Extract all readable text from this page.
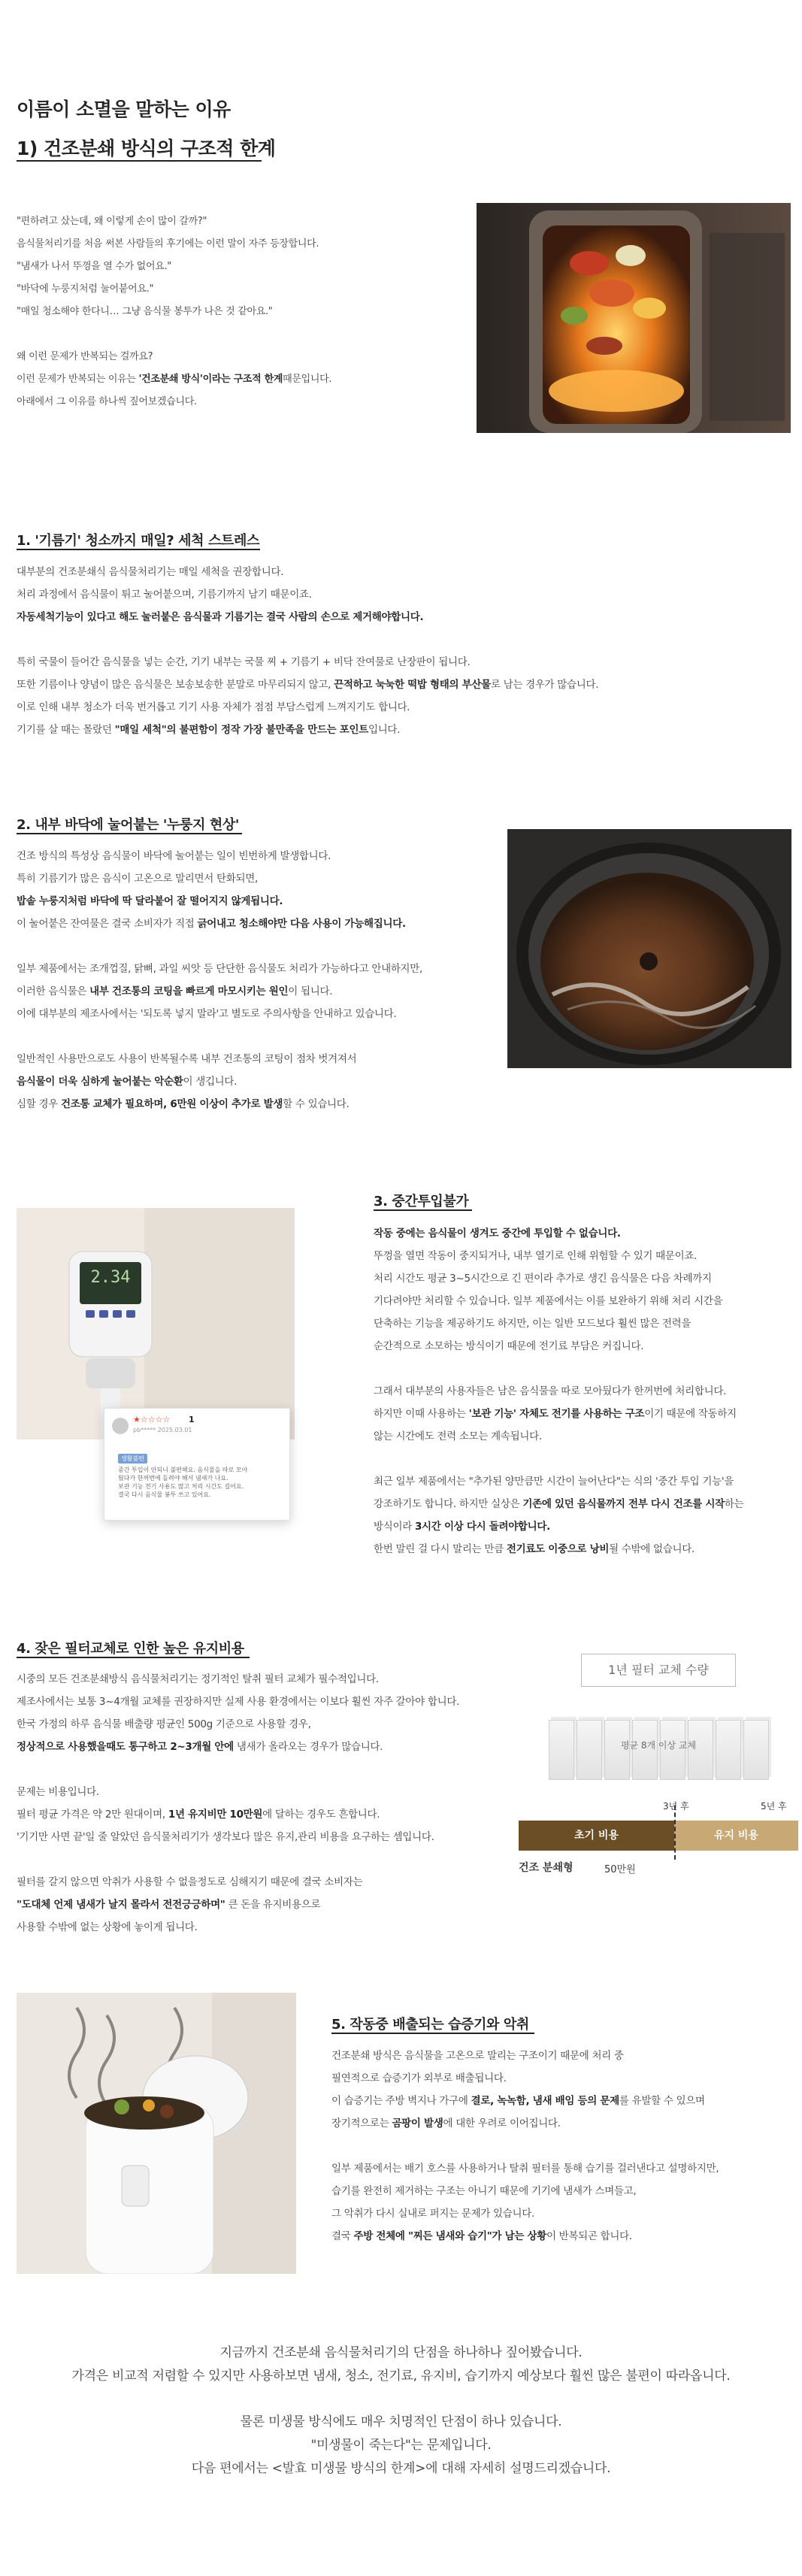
이름이 소멸을 말하는 이유
1) 건조분쇄 방식의 구조적 한계

"편하려고 샀는데, 왜 이렇게 손이 많이 갈까?"

음식물처리기를 처음 써본 사람들의 후기에는 이런 말이 자주 등장합니다.

"냄새가 나서 뚜껑을 열 수가 없어요."

"바닥에 누룽지처럼 눌어붙어요."

"매일 청소해야 한다니… 그냥 음식물 봉투가 나은 것 같아요."

왜 이런 문제가 반복되는 걸까요?

이런 문제가 반복되는 이유는 '건조분쇄 방식'이라는 구조적 한계때문입니다.

아래에서 그 이유를 하나씩 짚어보겠습니다.

1. '기름기' 청소까지 매일? 세척 스트레스

대부분의 건조분쇄식 음식물처리기는 매일 세척을 권장합니다.

처리 과정에서 음식물이 튀고 눌어붙으며, 기름기까지 남기 때문이죠.

자동세척기능이 있다고 해도 눌러붙은 음식물과 기름기는 결국 사람의 손으로 제거해야합니다.

특히 국물이 들어간 음식물을 넣는 순간, 기기 내부는 국물 찌 + 기름기 + 비닥 잔여물로 난장판이 됩니다.

또한 기름이나 양념이 많은 음식물은 보송보송한 분말로 마무리되지 않고, 끈적하고 눅눅한 떡밥 형태의 부산물로 남는 경우가 많습니다.

이로 인해 내부 청소가 더욱 번거롭고 기기 사용 자체가 점점 부담스럽게 느껴지기도 합니다.

기기를 살 때는 몰랐던 "매일 세척"의 불편함이 정작 가장 불만족을 만드는 포인트입니다.

2. 내부 바닥에 눌어붙는 '누룽지 현상'

건조 방식의 특성상 음식물이 바닥에 눌어붙는 일이 빈번하게 발생합니다.

특히 기름기가 많은 음식이 고온으로 말리면서 탄화되면,

밥솥 누룽지처럼 바닥에 딱 달라붙어 잘 떨어지지 않게됩니다.

이 눌어붙은 잔여물은 결국 소비자가 직접 긁어내고 청소해야만 다음 사용이 가능해집니다.

일부 제품에서는 조개껍질, 닭뼈, 과일 씨앗 등 단단한 음식물도 처리가 가능하다고 안내하지만,

이러한 음식물은 내부 건조통의 코팅을 빠르게 마모시키는 원인이 됩니다.

이에 대부분의 제조사에서는 '되도록 넣지 말라'고 별도로 주의사항을 안내하고 있습니다.

일반적인 사용만으로도 사용이 반복될수록 내부 건조통의 코팅이 점차 벗겨져서

음식물이 더욱 심하게 눌어붙는 악순환이 생깁니다.

심할 경우 건조통 교체가 필요하며, 6만원 이상이 추가로 발생할 수 있습니다.

2.34
★☆☆☆☆ 1
pb***** 2025.03.01
생활불편
중간 투입이 안되니 불편해요. 음식물을 따로 모아
뒀다가 한꺼번에 돌려야 해서 냄새가 나요.
보관 기능 전기 사용도 많고 처리 시간도 길어요.
결국 다시 음식물 봉투 쓰고 있어요.
3. 중간투입불가

작동 중에는 음식물이 생겨도 중간에 투입할 수 없습니다.

뚜껑을 열면 작동이 중지되거나, 내부 열기로 인해 위험할 수 있기 때문이죠.

처리 시간도 평균 3~5시간으로 긴 편이라 추가로 생긴 음식물은 다음 차례까지

기다려야만 처리할 수 있습니다. 일부 제품에서는 이를 보완하기 위해 처리 시간을

단축하는 기능을 제공하기도 하지만, 이는 일반 모드보다 훨씬 많은 전력을

순간적으로 소모하는 방식이기 때문에 전기료 부담은 커집니다.

그래서 대부분의 사용자들은 남은 음식물을 따로 모아뒀다가 한꺼번에 처리합니다.

하지만 이때 사용하는 '보관 기능' 자체도 전기를 사용하는 구조이기 때문에 작동하지

않는 시간에도 전력 소모는 계속됩니다.

최근 일부 제품에서는 "추가된 양만큼만 시간이 늘어난다"는 식의 '중간 투입 기능'을

강조하기도 합니다. 하지만 실상은 기존에 있던 음식물까지 전부 다시 건조를 시작하는

방식이라 3시간 이상 다시 돌려야합니다.

한번 말린 걸 다시 말리는 만큼 전기료도 이중으로 낭비될 수밖에 없습니다.

4. 잦은 필터교체로 인한 높은 유지비용

시중의 모든 건조분쇄방식 음식물처리기는 정기적인 탈취 필터 교체가 필수적입니다.

제조사에서는 보통 3~4개월 교체를 권장하지만 실제 사용 환경에서는 이보다 훨씬 자주 갈아야 합니다.

한국 가정의 하루 음식물 배출량 평균인 500g 기준으로 사용할 경우,

정상적으로 사용했을때도 통구하고 2~3개월 안에 냄새가 올라오는 경우가 많습니다.

문제는 비용입니다.

필터 평균 가격은 약 2만 원대이며, 1년 유지비만 10만원에 달하는 경우도 흔합니다.

'기기만 사면 끝'일 줄 알았던 음식물처리기가 생각보다 많은 유지,관리 비용을 요구하는 셈입니다.

필터를 갈지 않으면 악취가 사용할 수 없을정도로 심해지기 때문에 결국 소비자는

"도대체 언제 냄새가 날지 몰라서 전전긍긍하며" 큰 돈을 유지비용으로

사용할 수밖에 없는 상황에 놓이게 됩니다.

1년 필터 교체 수량
평균 8개 이상 교체
3년 후	5년 후
초기 비용	유지 비용
건조 분쇄형	50만원
5. 작동중 배출되는 습증기와 악취

건조분쇄 방식은 음식물을 고온으로 말리는 구조이기 때문에 처리 중

필연적으로 습증기가 외부로 배출됩니다.

이 습증기는 주방 벽지나 가구에 결로, 녹녹함, 냄새 배임 등의 문제를 유발할 수 있으며

장기적으로는 곰팡이 발생에 대한 우려로 이어집니다.

일부 제품에서는 배기 호스를 사용하거나 탈취 필터를 통해 습기를 걸러낸다고 설명하지만,

습기를 완전히 제거하는 구조는 아니기 때문에 기기에 냄새가 스며들고,

그 악취가 다시 실내로 퍼지는 문제가 있습니다.

결국 주방 전체에 "찌든 냄새와 습기"가 남는 상황이 반복되곤 합니다.

지금까지 건조분쇄 음식물처리기의 단점을 하나하나 짚어봤습니다.
가격은 비교적 저렴할 수 있지만 사용하보면 냄새, 청소, 전기료, 유지비, 습기까지 예상보다 훨씬 많은 불편이 따라옵니다.
물론 미생물 방식에도 매우 치명적인 단점이 하나 있습니다.
"미생물이 죽는다"는 문제입니다.
다음 편에서는 <발효 미생물 방식의 한계>에 대해 자세히 설명드리겠습니다.
